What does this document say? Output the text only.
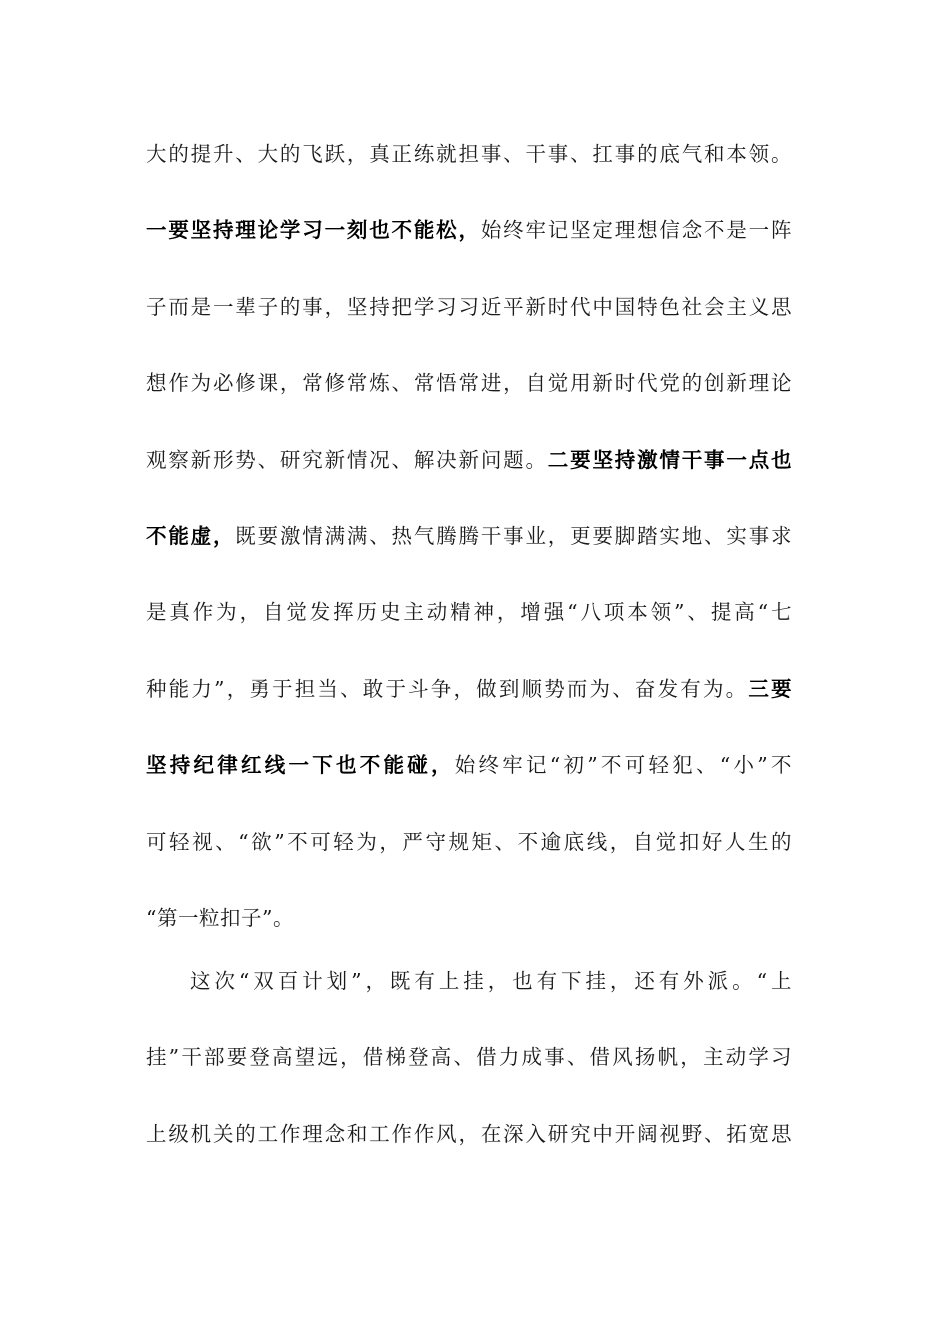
大的提升、大的飞跃，真正练就担事、干事、扛事的底气和本领。
一要坚持理论学习一刻也不能松，始终牢记坚定理想信念不是一阵
子而是一辈子的事，坚持把学习习近平新时代中国特色社会主义思
想作为必修课，常修常炼、常悟常进，自觉用新时代党的创新理论
观察新形势、研究新情况、解决新问题。二要坚持激情干事一点也
不能虚，既要激情满满、热气腾腾干事业，更要脚踏实地、实事求
是真作为，自觉发挥历史主动精神，增强“八项本领”、提高“七
种能力”，勇于担当、敢于斗争，做到顺势而为、奋发有为。三要
坚持纪律红线一下也不能碰，始终牢记“初”不可轻犯、“小”不
可轻视、“欲”不可轻为，严守规矩、不逾底线，自觉扣好人生的
“第一粒扣子”。
这次“双百计划”，既有上挂，也有下挂，还有外派。“上
挂”干部要登高望远，借梯登高、借力成事、借风扬帆，主动学习
上级机关的工作理念和工作作风，在深入研究中开阔视野、拓宽思
